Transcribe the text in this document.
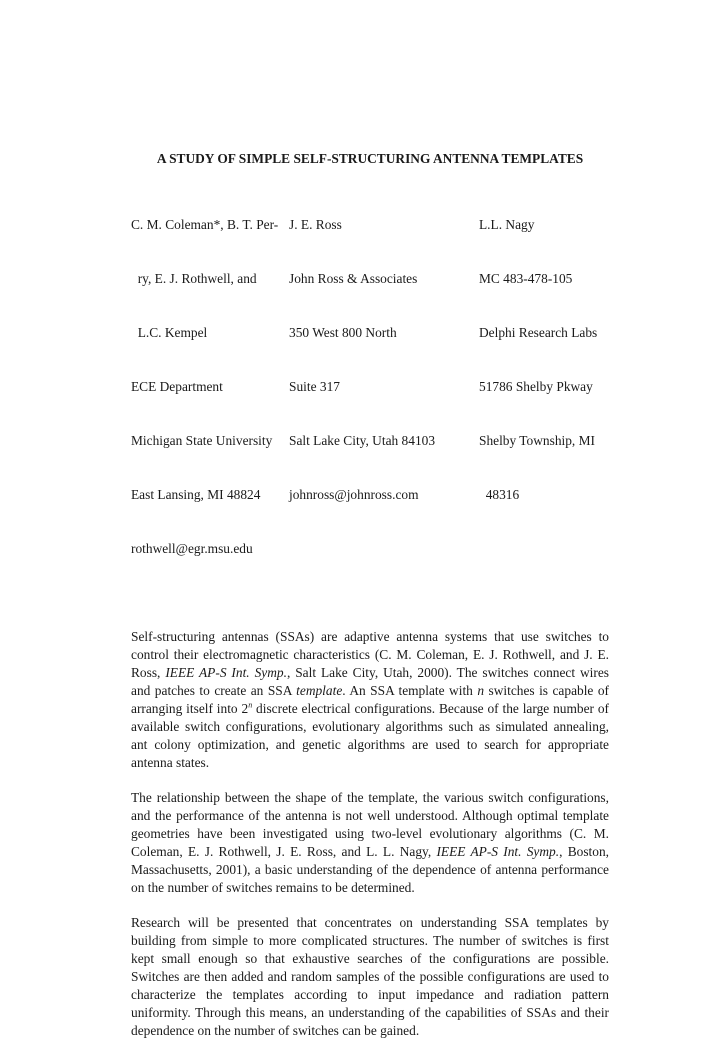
A STUDY OF SIMPLE SELF-STRUCTURING ANTENNA TEMPLATES

C. M. Coleman*, B. T. Per-

ry, E. J. Rothwell, and

L.C. Kempel

ECE Department

Michigan State University

East Lansing, MI 48824

rothwell@egr.msu.edu

J. E. Ross

John Ross & Associates

350 West 800 North

Suite 317

Salt Lake City, Utah 84103

johnross@johnross.com

L.L. Nagy

MC 483-478-105

Delphi Research Labs

51786 Shelby Pkway

Shelby Township, MI

48316

Self-structuring antennas (SSAs) are adaptive antenna systems that use switches to control their electromagnetic characteristics (C. M. Coleman, E. J. Rothwell, and J. E. Ross, IEEE AP-S Int. Symp., Salt Lake City, Utah, 2000). The switches connect wires and patches to create an SSA template. An SSA template with n switches is capable of arranging itself into 2$^n$ discrete electrical configurations. Because of the large number of available switch configurations, evolutionary algorithms such as simulated annealing, ant colony optimization, and genetic algorithms are used to search for appropriate antenna states.

The relationship between the shape of the template, the various switch configurations, and the performance of the antenna is not well understood. Although optimal template geometries have been investigated using two-level evolutionary algorithms (C. M. Coleman, E. J. Rothwell, J. E. Ross, and L. L. Nagy, IEEE AP-S Int. Symp., Boston, Massachusetts, 2001), a basic understanding of the dependence of antenna performance on the number of switches remains to be determined.

Research will be presented that concentrates on understanding SSA templates by building from simple to more complicated structures. The number of switches is first kept small enough so that exhaustive searches of the configurations are possible. Switches are then added and random samples of the possible configurations are used to characterize the templates according to input impedance and radiation pattern uniformity. Through this means, an understanding of the capabilities of SSAs and their dependence on the number of switches can be gained.
